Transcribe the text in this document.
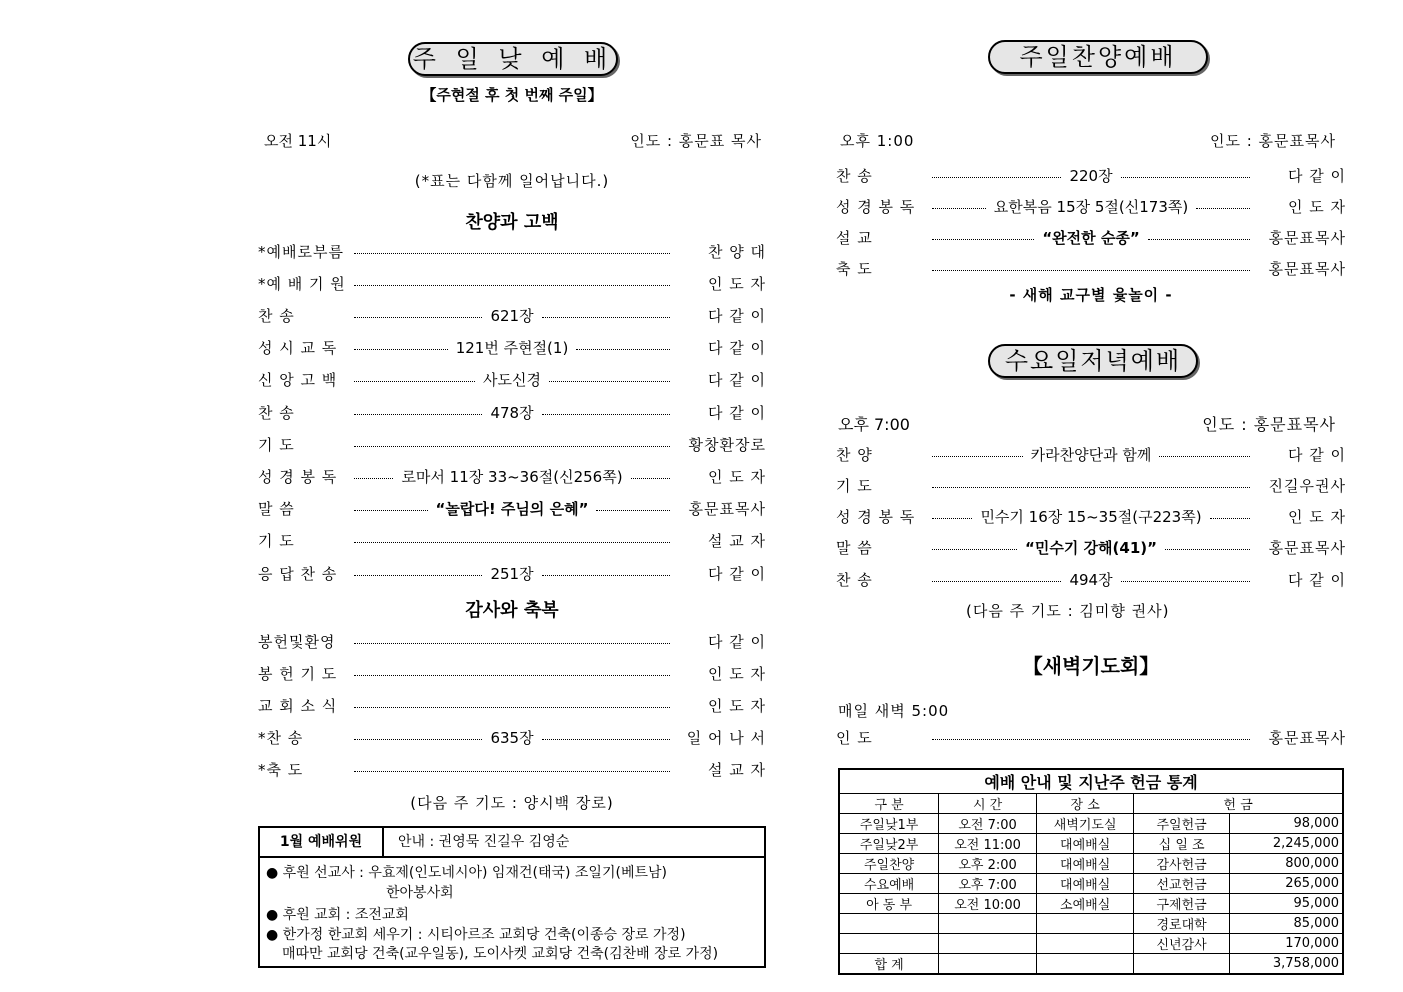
주 일 낮 예 배
【주현절 후 첫 번째 주일】
오전 11시	인도 : 홍문표 목사
(*표는 다함께 일어납니다.)
찬양과 고백
*예배로부름	찬 양 대
*예 배 기 원	인 도 자
찬 송	621장	다 같 이
성 시 교 독	121번 주현절(1)	다 같 이
신 앙 고 백	사도신경	다 같 이
찬 송	478장	다 같 이
기 도	황창환장로
성 경 봉 독	로마서 11장 33~36절(신256쪽)	인 도 자
말 씀	“놀랍다! 주님의 은혜”	홍문표목사
기 도	설 교 자
응 답 찬 송	251장	다 같 이
감사와 축복
봉헌및환영	다 같 이
봉 헌 기 도	인 도 자
교 회 소 식	인 도 자
*찬 송	635장	일 어 나 서
*축 도	설 교 자
(다음 주 기도 : 양시백 장로)
1월 예배위원	안내 : 권영묵 진길우 김영순
● 후원 선교사 : 우효제(인도네시아) 임재건(태국) 조일기(베트남)
한아봉사회
● 후원 교회 : 조전교회
● 한가정 한교회 세우기 : 시티아르조 교회당 건축(이종승 장로 가정)
매따만 교회당 건축(교우일동), 도이사켓 교회당 건축(김찬배 장로 가정)
주일찬양예배
오후 1:00	인도 : 홍문표목사
찬 송	220장	다 같 이
성 경 봉 독	요한복음 15장 5절(신173쪽)	인 도 자
설 교	“완전한 순종”	홍문표목사
축 도	홍문표목사
- 새해 교구별 윷놀이 -
수요일저녁예배
오후 7:00	인도 : 홍문표목사
찬 양	카라찬양단과 함께	다 같 이
기 도	진길우권사
성 경 봉 독	민수기 16장 15~35절(구223쪽)	인 도 자
말 씀	“민수기 강해(41)”	홍문표목사
찬 송	494장	다 같 이
(다음 주 기도 : 김미향 권사)
【새벽기도회】
매일 새벽 5:00
인 도	홍문표목사
예배 안내 및 지난주 헌금 통계				
구 분	시 간	장 소	헌 금	
주일낮1부	오전 7:00	새벽기도실	주일헌금	98,000
주일낮2부	오전 11:00	대예배실	십 일 조	2,245,000
주일찬양	오후 2:00	대예배실	감사헌금	800,000
수요예배	오후 7:00	대예배실	선교헌금	265,000
아 동 부	오전 10:00	소예배실	구제헌금	95,000
			경로대학	85,000
			신년감사	170,000
합 계				3,758,000
